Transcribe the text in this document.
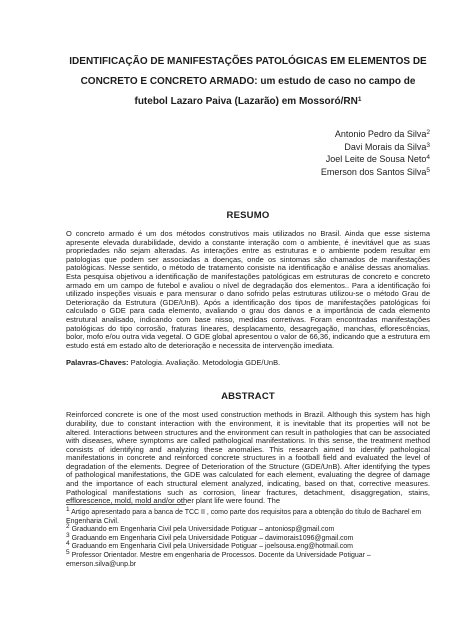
IDENTIFICAÇÃO DE MANIFESTAÇÕES PATOLÓGICAS EM ELEMENTOS DE CONCRETO E CONCRETO ARMADO: um estudo de caso no campo de futebol Lazaro Paiva (Lazarão) em Mossoró/$RN^1$
Antonio Pedro da Silva$^2$
Davi Morais da Silva$^3$
Joel Leite de Sousa Neto$^4$
Emerson dos Santos Silva$^5$
RESUMO

O concreto armado é um dos métodos construtivos mais utilizados no Brasil. Ainda que esse sistema apresente elevada durabilidade, devido a constante interação com o ambiente, é inevitável que as suas propriedades não sejam alteradas. As interações entre as estruturas e o ambiente podem resultar em patologias que podem ser associadas a doenças, onde os sintomas são chamados de manifestações patológicas. Nesse sentido, o método de tratamento consiste na identificação e análise dessas anomalias. Esta pesquisa objetivou a identificação de manifestações patológicas em estruturas de concreto e concreto armado em um campo de futebol e avaliou o nível de degradação dos elementos.. Para a identificação foi utilizado inspeções visuais e para mensurar o dano sofrido pelas estruturas utilizou-se o método Grau de Deterioração da Estrutura (GDE/UnB). Após a identificação dos tipos de manifestações patológicas foi calculado o GDE para cada elemento, avaliando o grau dos danos e a importância de cada elemento estrutural analisado, indicando com base nisso, medidas corretivas. Foram encontradas manifestações patológicas do tipo corrosão, fraturas lineares, desplacamento, desagregação, manchas, eflorescências, bolor, mofo e/ou outra vida vegetal. O GDE global apresentou o valor de 66,36, indicando que a estrutura em estudo está em estado alto de deterioração e necessita de intervenção imediata.

Palavras-Chaves: Patologia. Avaliação. Metodologia GDE/UnB.
ABSTRACT

Reinforced concrete is one of the most used construction methods in Brazil. Although this system has high durability, due to constant interaction with the environment, it is inevitable that its properties will not be altered. Interactions between structures and the environment can result in pathologies that can be associated with diseases, where symptoms are called pathological manifestations. In this sense, the treatment method consists of identifying and analyzing these anomalies. This research aimed to identify pathological manifestations in concrete and reinforced concrete structures in a football field and evaluated the level of degradation of the elements. Degree of Deterioration of the Structure (GDE/UnB). After identifying the types of pathological manifestations, the GDE was calculated for each element, evaluating the degree of damage and the importance of each structural element analyzed, indicating, based on that, corrective measures. Pathological manifestations such as corrosion, linear fractures, detachment, disaggregation, stains, efflorescence, mold, mold and/or other plant life were found. The

$^1$ Artigo apresentado para a banca de TCC II , como parte dos requisitos para a obtenção do título de Bacharel em Engenharia Civil.
$^2$ Graduando em Engenharia Civil pela Universidade Potiguar – antoniosp@gmail.com
$^3$ Graduando em Engenharia Civil pela Universidade Potiguar – davimorais1096@gmail.com
$^4$ Graduando em Engenharia Civil pela Universidade Potiguar – joelsousa.eng@hotmail.com
$^5$ Professor Orientador. Mestre em engenharia de Processos. Docente da Universidade Potiguar – emerson.silva@unp.br
